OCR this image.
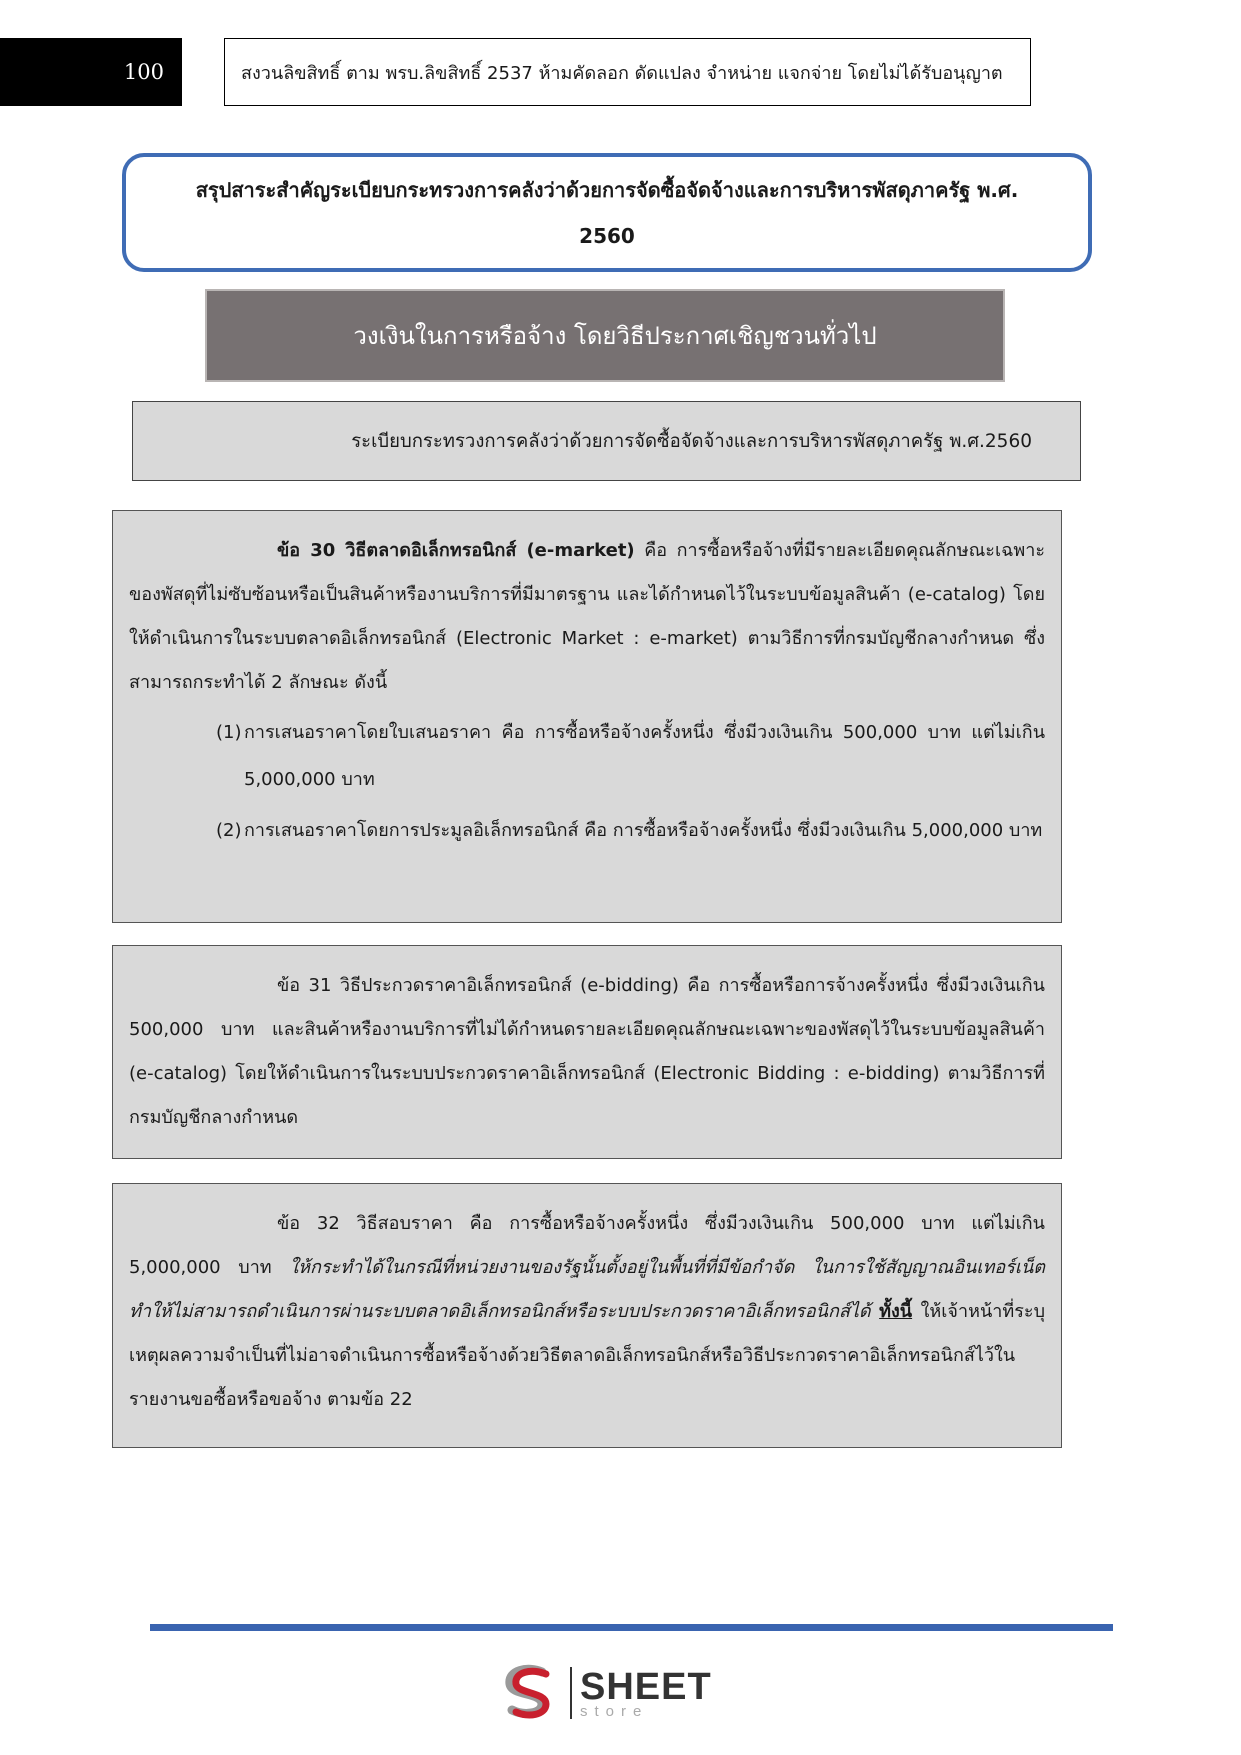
100	สงวนลิขสิทธิ์ ตาม พรบ.ลิขสิทธิ์ 2537 ห้ามคัดลอก ดัดแปลง จำหน่าย แจกจ่าย โดยไม่ได้รับอนุญาต
สรุปสาระสำคัญระเบียบกระทรวงการคลังว่าด้วยการจัดซื้อจัดจ้างและการบริหารพัสดุภาครัฐ พ.ศ.
2560
วงเงินในการหรือจ้าง โดยวิธีประกาศเชิญชวนทั่วไป
ระเบียบกระทรวงการคลังว่าด้วยการจัดซื้อจัดจ้างและการบริหารพัสดุภาครัฐ พ.ศ.2560
ข้อ 30 วิธีตลาดอิเล็กทรอนิกส์ (e-market) คือ การซื้อหรือจ้างที่มีรายละเอียดคุณลักษณะเฉพาะของพัสดุที่ไม่ซับซ้อนหรือเป็นสินค้าหรืองานบริการที่มีมาตรฐาน และได้กำหนดไว้ในระบบข้อมูลสินค้า (e-catalog) โดยให้ดำเนินการในระบบตลาดอิเล็กทรอนิกส์ (Electronic Market : e-market) ตามวิธีการที่กรมบัญชีกลางกำหนด ซึ่งสามารถกระทำได้ 2 ลักษณะ ดังนี้
(1) การเสนอราคาโดยใบเสนอราคา คือ การซื้อหรือจ้างครั้งหนึ่ง ซึ่งมีวงเงินเกิน 500,000 บาท แต่ไม่เกิน 5,000,000 บาท
(2) การเสนอราคาโดยการประมูลอิเล็กทรอนิกส์ คือ การซื้อหรือจ้างครั้งหนึ่ง ซึ่งมีวงเงินเกิน 5,000,000 บาท
ข้อ 31 วิธีประกวดราคาอิเล็กทรอนิกส์ (e-bidding) คือ การซื้อหรือการจ้างครั้งหนึ่ง ซึ่งมีวงเงินเกิน 500,000 บาท และสินค้าหรืองานบริการที่ไม่ได้กำหนดรายละเอียดคุณลักษณะเฉพาะของพัสดุไว้ในระบบข้อมูลสินค้า (e-catalog) โดยให้ดำเนินการในระบบประกวดราคาอิเล็กทรอนิกส์ (Electronic Bidding : e-bidding) ตามวิธีการที่กรมบัญชีกลางกำหนด
ข้อ 32 วิธีสอบราคา คือ การซื้อหรือจ้างครั้งหนึ่ง ซึ่งมีวงเงินเกิน 500,000 บาท แต่ไม่เกิน 5,000,000 บาท ให้กระทำได้ในกรณีที่หน่วยงานของรัฐนั้นตั้งอยู่ในพื้นที่ที่มีข้อกำจัด ในการใช้สัญญาณอินเทอร์เน็ต ทำให้ไม่สามารถดำเนินการผ่านระบบตลาดอิเล็กทรอนิกส์หรือระบบประกวดราคาอิเล็กทรอนิกส์ได้ ทั้งนี้ ให้เจ้าหน้าที่ระบุเหตุผลความจำเป็นที่ไม่อาจดำเนินการซื้อหรือจ้างด้วยวิธีตลาดอิเล็กทรอนิกส์หรือวิธีประกวดราคาอิเล็กทรอนิกส์ไว้ในรายงานขอซื้อหรือขอจ้าง ตามข้อ 22
SHEET
store
